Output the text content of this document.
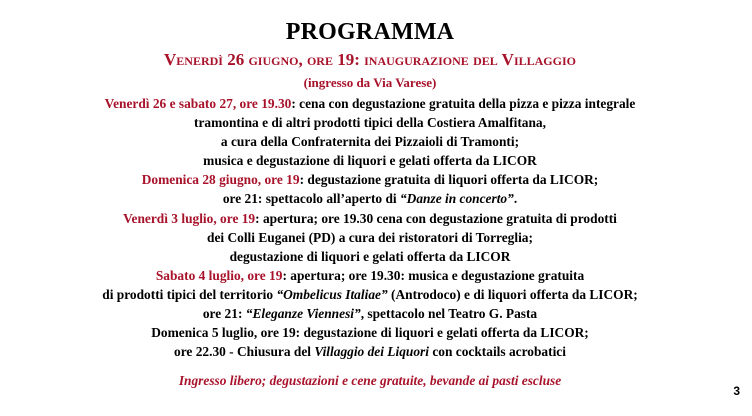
PROGRAMMA
Venerdì 26 giugno, ore 19: inaugurazione del Villaggio
(ingresso da Via Varese)
Venerdì 26 e sabato 27, ore 19.30: cena con degustazione gratuita della pizza e pizza integrale
tramontina e di altri prodotti tipici della Costiera Amalfitana,
a cura della Confraternita dei Pizzaioli di Tramonti;
musica e degustazione di liquori e gelati offerta da LICOR
Domenica 28 giugno, ore 19: degustazione gratuita di liquori offerta da LICOR;
ore 21: spettacolo all’aperto di “Danze in concerto”.
Venerdì 3 luglio, ore 19: apertura; ore 19.30 cena con degustazione gratuita di prodotti
dei Colli Euganei (PD) a cura dei ristoratori di Torreglia;
degustazione di liquori e gelati offerta da LICOR
Sabato 4 luglio, ore 19: apertura; ore 19.30: musica e degustazione gratuita
di prodotti tipici del territorio “Ombelicus Italiae” (Antrodoco) e di liquori offerta da LICOR;
ore 21: “Eleganze Viennesi”, spettacolo nel Teatro G. Pasta
Domenica 5 luglio, ore 19: degustazione di liquori e gelati offerta da LICOR;
ore 22.30 - Chiusura del Villaggio dei Liquori con cocktails acrobatici
Ingresso libero; degustazioni e cene gratuite, bevande ai pasti escluse
3
